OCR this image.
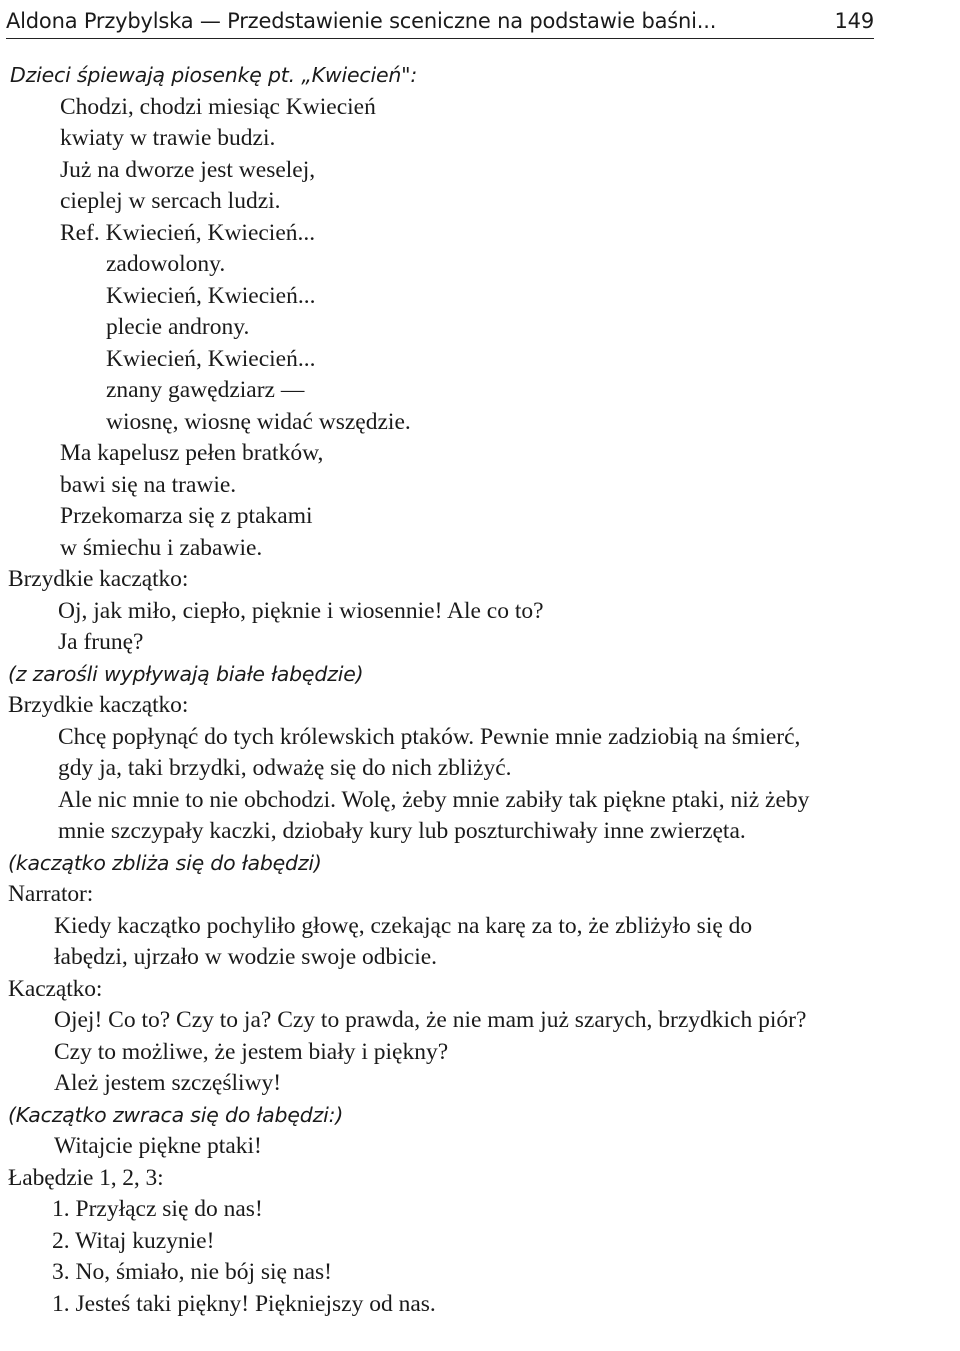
Aldona Przybylska — Przedstawienie sceniczne na podstawie baśni...	149
Dzieci śpiewają piosenkę pt. „Kwiecień":
Chodzi, chodzi miesiąc Kwiecień
kwiaty w trawie budzi.
Już na dworze jest weselej,
cieplej w sercach ludzi.
Ref. Kwiecień, Kwiecień...
zadowolony.
Kwiecień, Kwiecień...
plecie androny.
Kwiecień, Kwiecień...
znany gawędziarz —
wiosnę, wiosnę widać wszędzie.
Ma kapelusz pełen bratków,
bawi się na trawie.
Przekomarza się z ptakami
w śmiechu i zabawie.
Brzydkie kaczątko:
Oj, jak miło, ciepło, pięknie i wiosennie! Ale co to?
Ja frunę?
(z zarośli wypływają białe łabędzie)
Brzydkie kaczątko:
Chcę popłynąć do tych królewskich ptaków. Pewnie mnie zadziobią na śmierć,
gdy ja, taki brzydki, odważę się do nich zbliżyć.
Ale nic mnie to nie obchodzi. Wolę, żeby mnie zabiły tak piękne ptaki, niż żeby
mnie szczypały kaczki, dziobały kury lub poszturchiwały inne zwierzęta.
(kaczątko zbliża się do łabędzi)
Narrator:
Kiedy kaczątko pochyliło głowę, czekając na karę za to, że zbliżyło się do
łabędzi, ujrzało w wodzie swoje odbicie.
Kaczątko:
Ojej! Co to? Czy to ja? Czy to prawda, że nie mam już szarych, brzydkich piór?
Czy to możliwe, że jestem biały i piękny?
Ależ jestem szczęśliwy!
(Kaczątko zwraca się do łabędzi:)
Witajcie piękne ptaki!
Łabędzie 1, 2, 3:
1. Przyłącz się do nas!
2. Witaj kuzynie!
3. No, śmiało, nie bój się nas!
1. Jesteś taki piękny! Piękniejszy od nas.
